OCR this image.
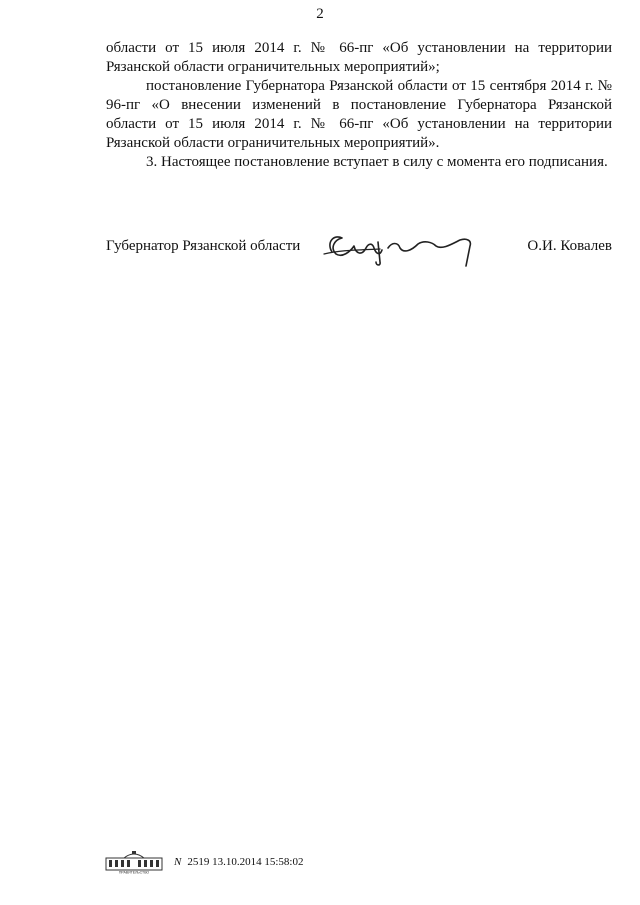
2

области от 15 июля 2014 г. № 66-пг «Об установлении на территории Рязанской области ограничительных мероприятий»;

постановление Губернатора Рязанской области от 15 сентября 2014 г. № 96-пг «О внесении изменений в постановление Губернатора Рязанской области от 15 июля 2014 г. № 66-пг «Об установлении на территории Рязанской области ограничительных мероприятий».

3. Настоящее постановление вступает в силу с момента его подписания.

Губернатор Рязанской области	О.И. Ковалев
ПРАВИТЕЛЬСТВО
N 2519 13.10.2014 15:58:02
